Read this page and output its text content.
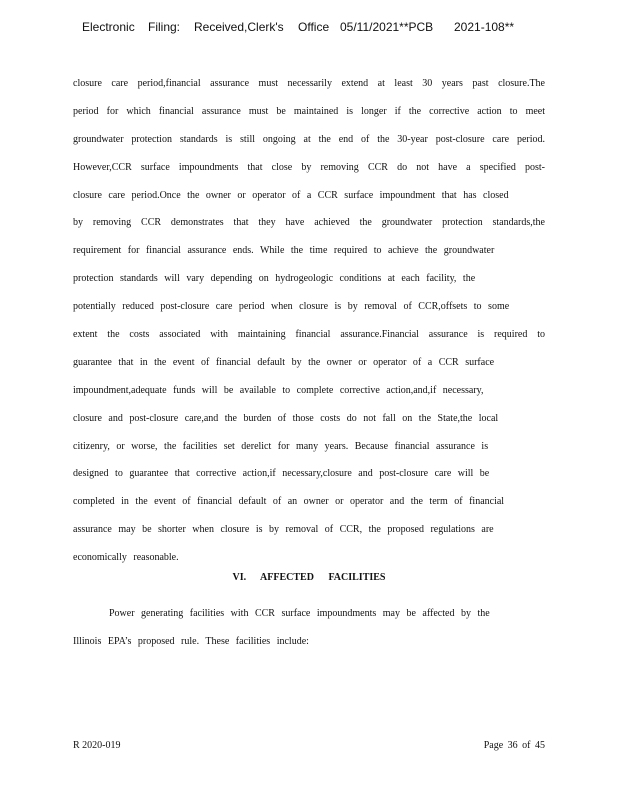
Electronic Filing: Received,Clerk's Office 05/11/2021**PCB 2021-108**
closure care period,financial assurance must necessarily extend at least 30 years past closure.The
period for which financial assurance must be maintained is longer if the corrective action to meet
groundwater protection standards is still ongoing at the end of the 30-year post-closure care period.
However,CCR surface impoundments that close by removing CCR do not have a specified post-
closure care period.Once the owner or operator of a CCR surface impoundment that has closed
by removing CCR demonstrates that they have achieved the groundwater protection standards,the
requirement for financial assurance ends. While the time required to achieve the groundwater
protection standards will vary depending on hydrogeologic conditions at each facility, the
potentially reduced post-closure care period when closure is by removal of CCR,offsets to some
extent the costs associated with maintaining financial assurance.Financial assurance is required to
guarantee that in the event of financial default by the owner or operator of a CCR surface
impoundment,adequate funds will be available to complete corrective action,and,if necessary,
closure and post-closure care,and the burden of those costs do not fall on the State,the local
citizenry, or worse, the facilities set derelict for many years. Because financial assurance is
designed to guarantee that corrective action,if necessary,closure and post-closure care will be
completed in the event of financial default of an owner or operator and the term of financial
assurance may be shorter when closure is by removal of CCR, the proposed regulations are
economically reasonable.
VI. AFFECTED FACILITIES
Power generating facilities with CCR surface impoundments may be affected by the
Illinois EPA’s proposed rule. These facilities include:
R 2020-019	Page 36 of 45
